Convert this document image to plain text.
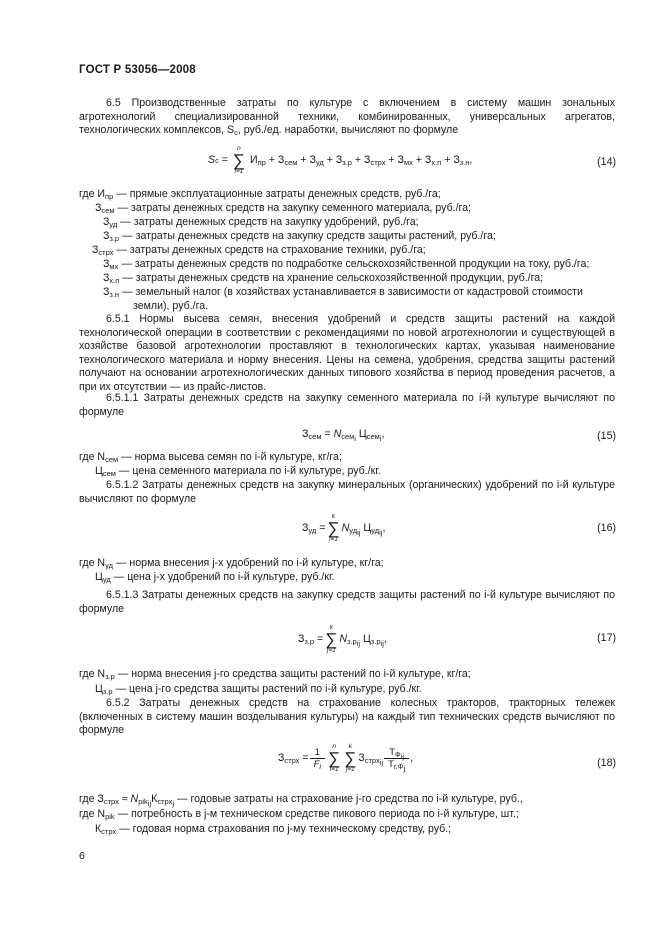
ГОСТ Р 53056—2008
6.5 Производственные затраты по культуре с включением в систему машин зональных агротехнологий специализированной техники, комбинированных, универсальных агрегатов, технологических комплексов, $S_c$, руб./ед. наработки, вычисляют по формуле
S c =
n
∑
i=1
$И_{пр} + З_{сем} + З_{уд} + З_{з.р} + З_{стрх} + З_{мх} + З_{х.п} + З_{з.н}$,	(14)
где $И_{пр}$ — прямые эксплуатационные затраты денежных средств, руб./га;
$З_{сем}$ — затраты денежных средств на закупку семенного материала, руб./га;
$З_{уд}$ — затраты денежных средств на закупку удобрений, руб./га;
$З_{з.р}$ — затраты денежных средств на закупку средств защиты растений, руб./га;
$З_{стрх}$ — затраты денежных средств на страхование техники, руб./га;
$З_{мх}$ — затраты денежных средств по подработке сельскохозяйственной продукции на току, руб./га;
$З_{х.п}$ — затраты денежных средств на хранение сельскохозяйственной продукции, руб./га;
$З_{з.н}$ — земельный налог (в хозяйствах устанавливается в зависимости от кадастровой стоимости
земли), руб./га.
6.5.1 Нормы высева семян, внесения удобрений и средств защиты растений на каждой технологической операции в соответствии с рекомендациями по новой агротехнологии и существующей в хозяйстве базовой агротехнологии проставляют в технологических картах, указывая наименование технологического материала и норму внесения. Цены на семена, удобрения, средства защиты растений получают на основании агротехнологических данных типового хозяйства в период проведения расчетов, а при их отсутствии — из прайс-листов.
6.5.1.1 Затраты денежных средств на закупку семенного материала по i-й культуре вычисляют по формуле
$З_{сем} = N_{сем_i}$ $Ц_{сем_i}$,	(15)
где $N_{сем}$ — норма высева семян по i-й культуре, кг/га;
$Ц_{сем}$ — цена семенного материала по i-й культуре, руб./кг.
6.5.1.2 Затраты денежных средств на закупку минеральных (органических) удобрений по i-й культуре вычисляют по формуле
$З_{уд}$ =
k
∑
i=1
$N_{уд_{ij}}$ $Ц_{уд_{ij}}$,	(16)
где $N_{уд}$ — норма внесения j-х удобрений по i-й культуре, кг/га;
$Ц_{уд}$ — цена j-х удобрений по i-й культуре, руб./кг.
6.5.1.3 Затраты денежных средств на закупку средств защиты растений по i-й культуре вычисляют по формуле
$З_{з.р}$ =
k
∑
j=1
$N_{з.р_{ij}}$ $Ц_{з.р_{ij}}$,	(17)
где $N_{з.р}$ — норма внесения j-го средства защиты растений по i-й культуре, кг/га;
$Ц_{з.р}$ — цена j-го средства защиты растений по i-й культуре, руб./кг.
6.5.2 Затраты денежных средств на страхование колесных тракторов, тракторных тележек (включенных в систему машин возделывания культуры) на каждый тип технических средств вычисляют по формуле
$З_{стрх} = \frac{1}{F_i}$
n
∑
i=1
k
∑
j=1
$З_{стрх_{ij}} \frac{Т_{Ф_{ij}}}{Т_{г.Ф_j}}$ ,	(18)
где $З_{стрх} \approx N_{pik_{ij}}К_{стрх_j}$ — годовые затраты на страхование j-го средства по i-й культуре, руб.,
где $N_{pik}$ — потребность в j-м техническом средстве пикового периода по i-й культуре, шт.;
$К_{стрх}$ — годовая норма страхования по j-му техническому средству, руб.;
6
